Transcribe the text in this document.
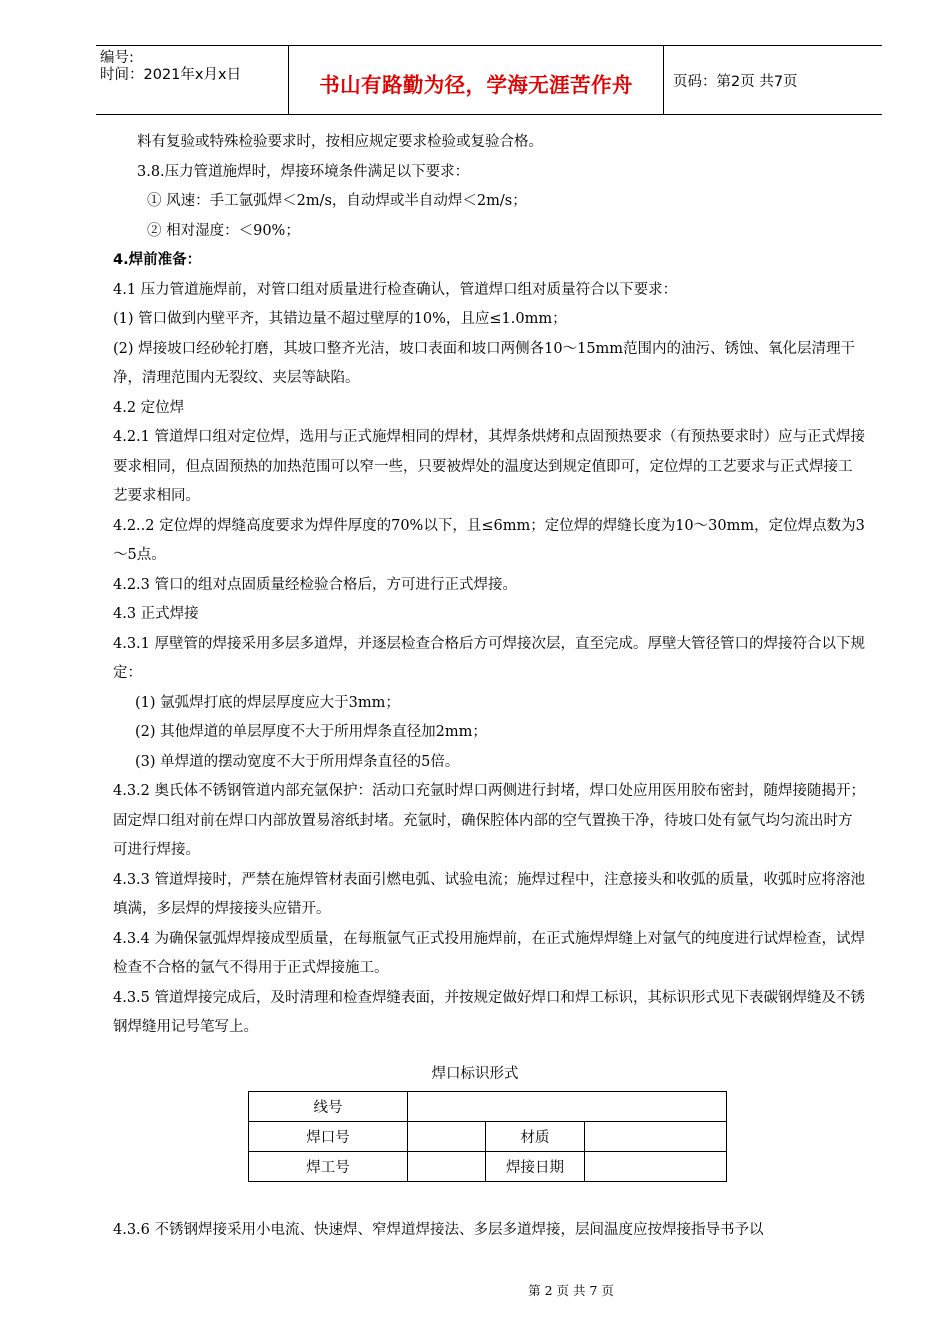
编号:
时间：2021年x月x日	书山有路勤为径，学海无涯苦作舟	页码：第2页 共7页

料有复验或特殊检验要求时，按相应规定要求检验或复验合格。

3.8.压力管道施焊时，焊接环境条件满足以下要求：

① 风速：手工氩弧焊＜2m/s，自动焊或半自动焊＜2m/s；

② 相对湿度：＜90%；

4.焊前准备：

4.1 压力管道施焊前，对管口组对质量进行检查确认，管道焊口组对质量符合以下要求：

(1) 管口做到内壁平齐，其错边量不超过壁厚的10%，且应≤1.0mm；

(2) 焊接坡口经砂轮打磨，其坡口整齐光洁，坡口表面和坡口两侧各10～15mm范围内的油污、锈蚀、氧化层清理干净，清理范围内无裂纹、夹层等缺陷。

4.2 定位焊

4.2.1 管道焊口组对定位焊，选用与正式施焊相同的焊材，其焊条烘烤和点固预热要求（有预热要求时）应与正式焊接要求相同，但点固预热的加热范围可以窄一些，只要被焊处的温度达到规定值即可，定位焊的工艺要求与正式焊接工艺要求相同。

4.2..2 定位焊的焊缝高度要求为焊件厚度的70%以下，且≤6mm；定位焊的焊缝长度为10～30mm，定位焊点数为3～5点。

4.2.3 管口的组对点固质量经检验合格后，方可进行正式焊接。

4.3 正式焊接

4.3.1 厚壁管的焊接采用多层多道焊，并逐层检查合格后方可焊接次层，直至完成。厚壁大管径管口的焊接符合以下规定：

(1) 氩弧焊打底的焊层厚度应大于3mm；

(2) 其他焊道的单层厚度不大于所用焊条直径加2mm；

(3) 单焊道的摆动宽度不大于所用焊条直径的5倍。

4.3.2 奥氏体不锈钢管道内部充氩保护：活动口充氩时焊口两侧进行封堵，焊口处应用医用胶布密封，随焊接随揭开；固定焊口组对前在焊口内部放置易溶纸封堵。充氩时，确保腔体内部的空气置换干净，待坡口处有氩气均匀流出时方可进行焊接。

4.3.3 管道焊接时，严禁在施焊管材表面引燃电弧、试验电流；施焊过程中，注意接头和收弧的质量，收弧时应将溶池填满，多层焊的焊接接头应错开。

4.3.4 为确保氩弧焊焊接成型质量，在每瓶氩气正式投用施焊前，在正式施焊焊缝上对氩气的纯度进行试焊检查，试焊检查不合格的氩气不得用于正式焊接施工。

4.3.5 管道焊接完成后，及时清理和检查焊缝表面，并按规定做好焊口和焊工标识，其标识形式见下表碳钢焊缝及不锈钢焊缝用记号笔写上。

焊口标识形式
线号			
焊口号		材质	
焊工号		焊接日期	
4.3.6 不锈钢焊接采用小电流、快速焊、窄焊道焊接法、多层多道焊接，层间温度应按焊接指导书予以
第 2 页 共 7 页
